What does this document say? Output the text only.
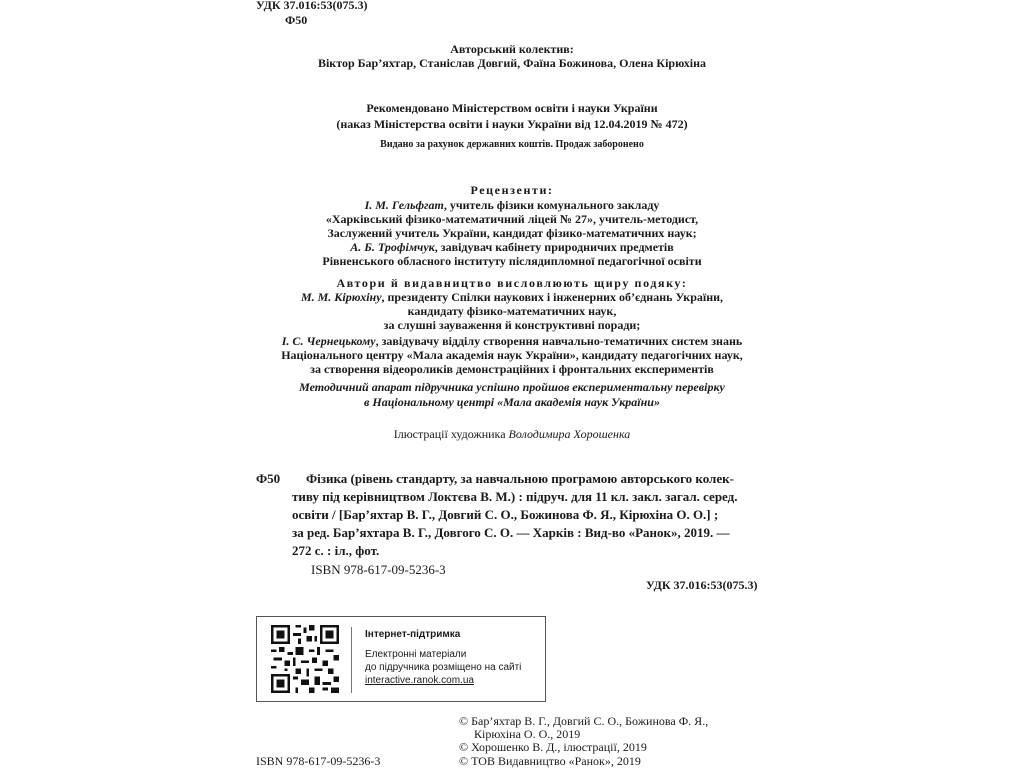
УДК 37.016:53(075.3)
Ф50
Авторський колектив:
Віктор Бар’яхтар, Станіслав Довгий, Фаїна Божинова, Олена Кірюхіна
Рекомендовано Міністерством освіти і науки України
(наказ Міністерства освіти і науки України від 12.04.2019 № 472)
Видано за рахунок державних коштів. Продаж заборонено
Рецензенти:
І. М. Гельфгат, учитель фізики комунального закладу
«Харківський фізико-математичний ліцей № 27», учитель-методист,
Заслужений учитель України, кандидат фізико-математичних наук;
А. Б. Трофімчук, завідувач кабінету природничих предметів
Рівненського обласного інституту післядипломної педагогічної освіти
Автори й видавництво висловлюють щиру подяку:
М. М. Кірюхіну, президенту Спілки наукових і інженерних об’єднань України,
кандидату фізико-математичних наук,
за слушні зауваження й конструктивні поради;
І. С. Чернецькому, завідувачу відділу створення навчально-тематичних систем знань
Національного центру «Мала академія наук України», кандидату педагогічних наук,
за створення відеороликів демонстраційних і фронтальних експериментів
Методичний апарат підручника успішно пройшов експериментальну перевірку
в Національному центрі «Мала академія наук України»
Ілюстрації художника Володимира Хорошенка
Ф50 Фізика (рівень стандарту, за навчальною програмою авторського колек-
тиву під керівництвом Локтєва В. М.) : підруч. для 11 кл. закл. загал. серед.
освіти / [Бар’яхтар В. Г., Довгий С. О., Божинова Ф. Я., Кірюхіна О. О.] ;
за ред. Бар’яхтара В. Г., Довгого С. О. — Харків : Вид-во «Ранок», 2019. —
272 с. : іл., фот.
ISBN 978-617-09-5236-3
УДК 37.016:53(075.3)
Інтернет-підтримка
Електронні матеріали
до підручника розміщено на сайті
interactive.ranok.com.ua
ISBN 978-617-09-5236-3
© Бар’яхтар В. Г., Довгий С. О., Божинова Ф. Я.,
Кірюхіна О. О., 2019
© Хорошенко В. Д., ілюстрації, 2019
© ТОВ Видавництво «Ранок», 2019
